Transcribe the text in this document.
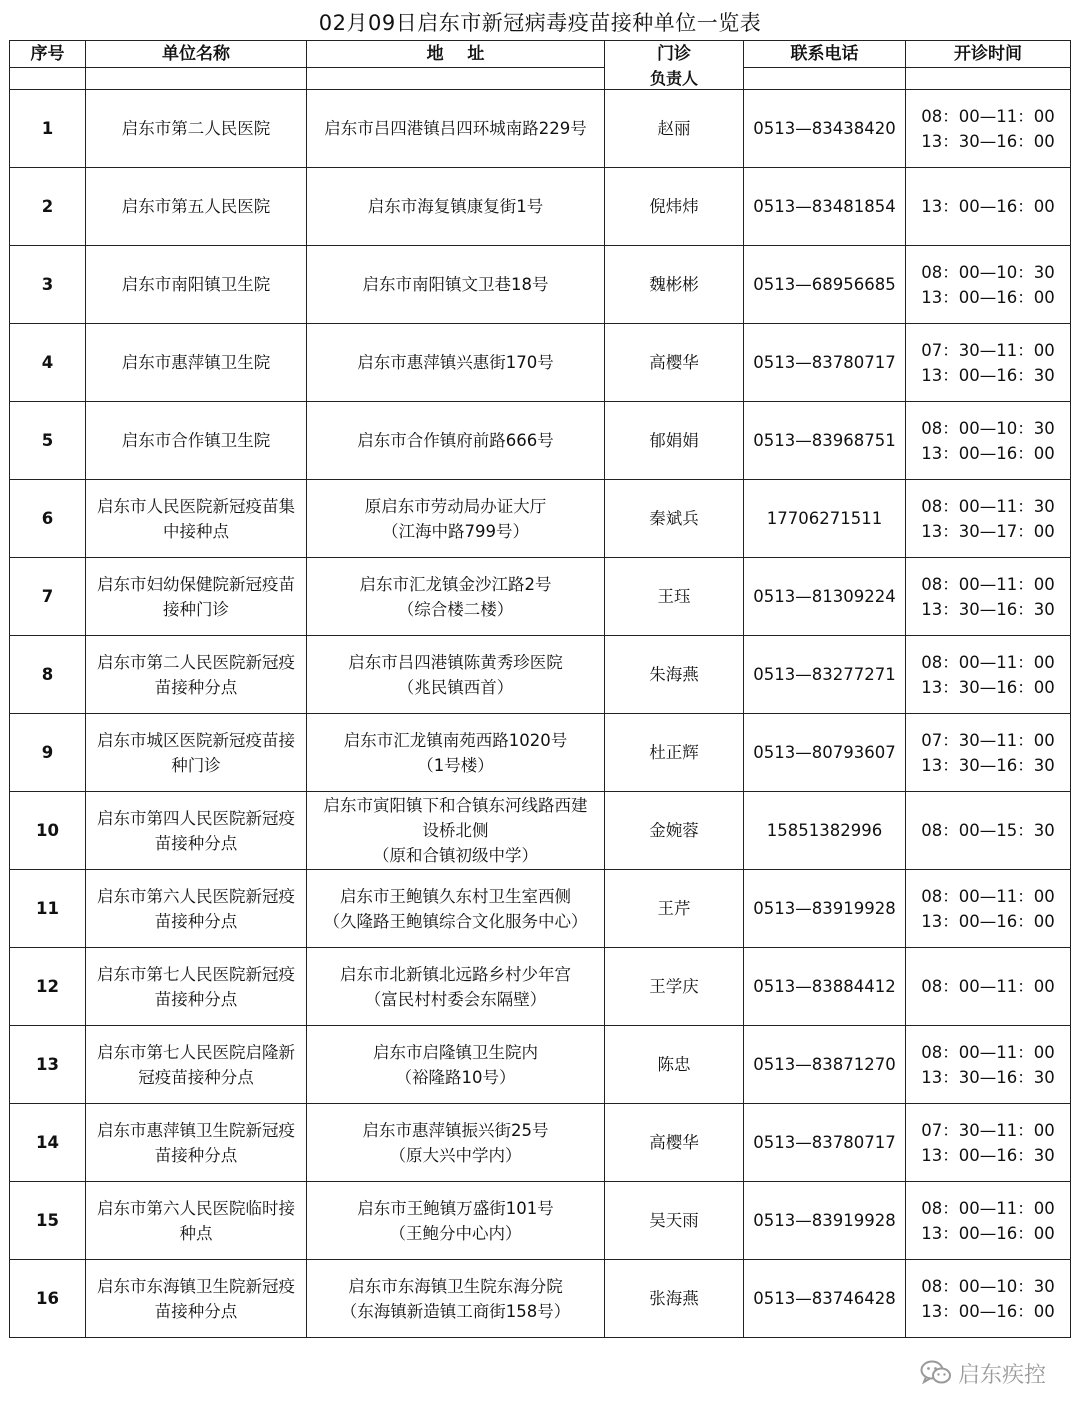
02月09日启东市新冠病毒疫苗接种单位一览表
序号	单位名称	地    址	门诊	联系电话	开诊时间
			负责人		
1	启东市第二人民医院	启东市吕四港镇吕四环城南路229号	赵丽	0513—83438420	08：00—11：00
13：30—16：00

2	启东市第五人民医院	启东市海复镇康复街1号	倪炜炜	0513—83481854	13：00—16：00

3	启东市南阳镇卫生院	启东市南阳镇文卫巷18号	魏彬彬	0513—68956685	08：00—10：30
13：00—16：00

4	启东市惠萍镇卫生院	启东市惠萍镇兴惠街170号	高樱华	0513—83780717	07：30—11：00
13：00—16：30

5	启东市合作镇卫生院	启东市合作镇府前路666号	郁娟娟	0513—83968751	08：00—10：30
13：00—16：00

6	启东市人民医院新冠疫苗集
中接种点	原启东市劳动局办证大厅
（江海中路799号）	秦斌兵	17706271511	08：00—11：30
13：30—17：00

7	启东市妇幼保健院新冠疫苗
接种门诊	启东市汇龙镇金沙江路2号
（综合楼二楼）	王珏	0513—81309224	08：00—11：00
13：30—16：30

8	启东市第二人民医院新冠疫
苗接种分点	启东市吕四港镇陈黄秀珍医院
（兆民镇西首）	朱海燕	0513—83277271	08：00—11：00
13：30—16：00

9	启东市城区医院新冠疫苗接
种门诊	启东市汇龙镇南苑西路1020号
（1号楼）	杜正辉	0513—80793607	07：30—11：00
13：30—16：30

10	启东市第四人民医院新冠疫
苗接种分点	启东市寅阳镇下和合镇东河线路西建
设桥北侧
（原和合镇初级中学）	金婉蓉	15851382996	08：00—15：30

11	启东市第六人民医院新冠疫
苗接种分点	启东市王鲍镇久东村卫生室西侧
（久隆路王鲍镇综合文化服务中心）	王芹	0513—83919928	08：00—11：00
13：00—16：00

12	启东市第七人民医院新冠疫
苗接种分点	启东市北新镇北远路乡村少年宫
（富民村村委会东隔壁）	王学庆	0513—83884412	08：00—11：00

13	启东市第七人民医院启隆新
冠疫苗接种分点	启东市启隆镇卫生院内
（裕隆路10号）	陈忠	0513—83871270	08：00—11：00
13：30—16：30

14	启东市惠萍镇卫生院新冠疫
苗接种分点	启东市惠萍镇振兴街25号
（原大兴中学内）	高樱华	0513—83780717	07：30—11：00
13：00—16：30

15	启东市第六人民医院临时接
种点	启东市王鲍镇万盛街101号
（王鲍分中心内）	吴天雨	0513—83919928	08：00—11：00
13：00—16：00

16	启东市东海镇卫生院新冠疫
苗接种分点	启东市东海镇卫生院东海分院
（东海镇新造镇工商街158号）	张海燕	0513—83746428	08：00—10：30
13：00—16：00
启东疾控
